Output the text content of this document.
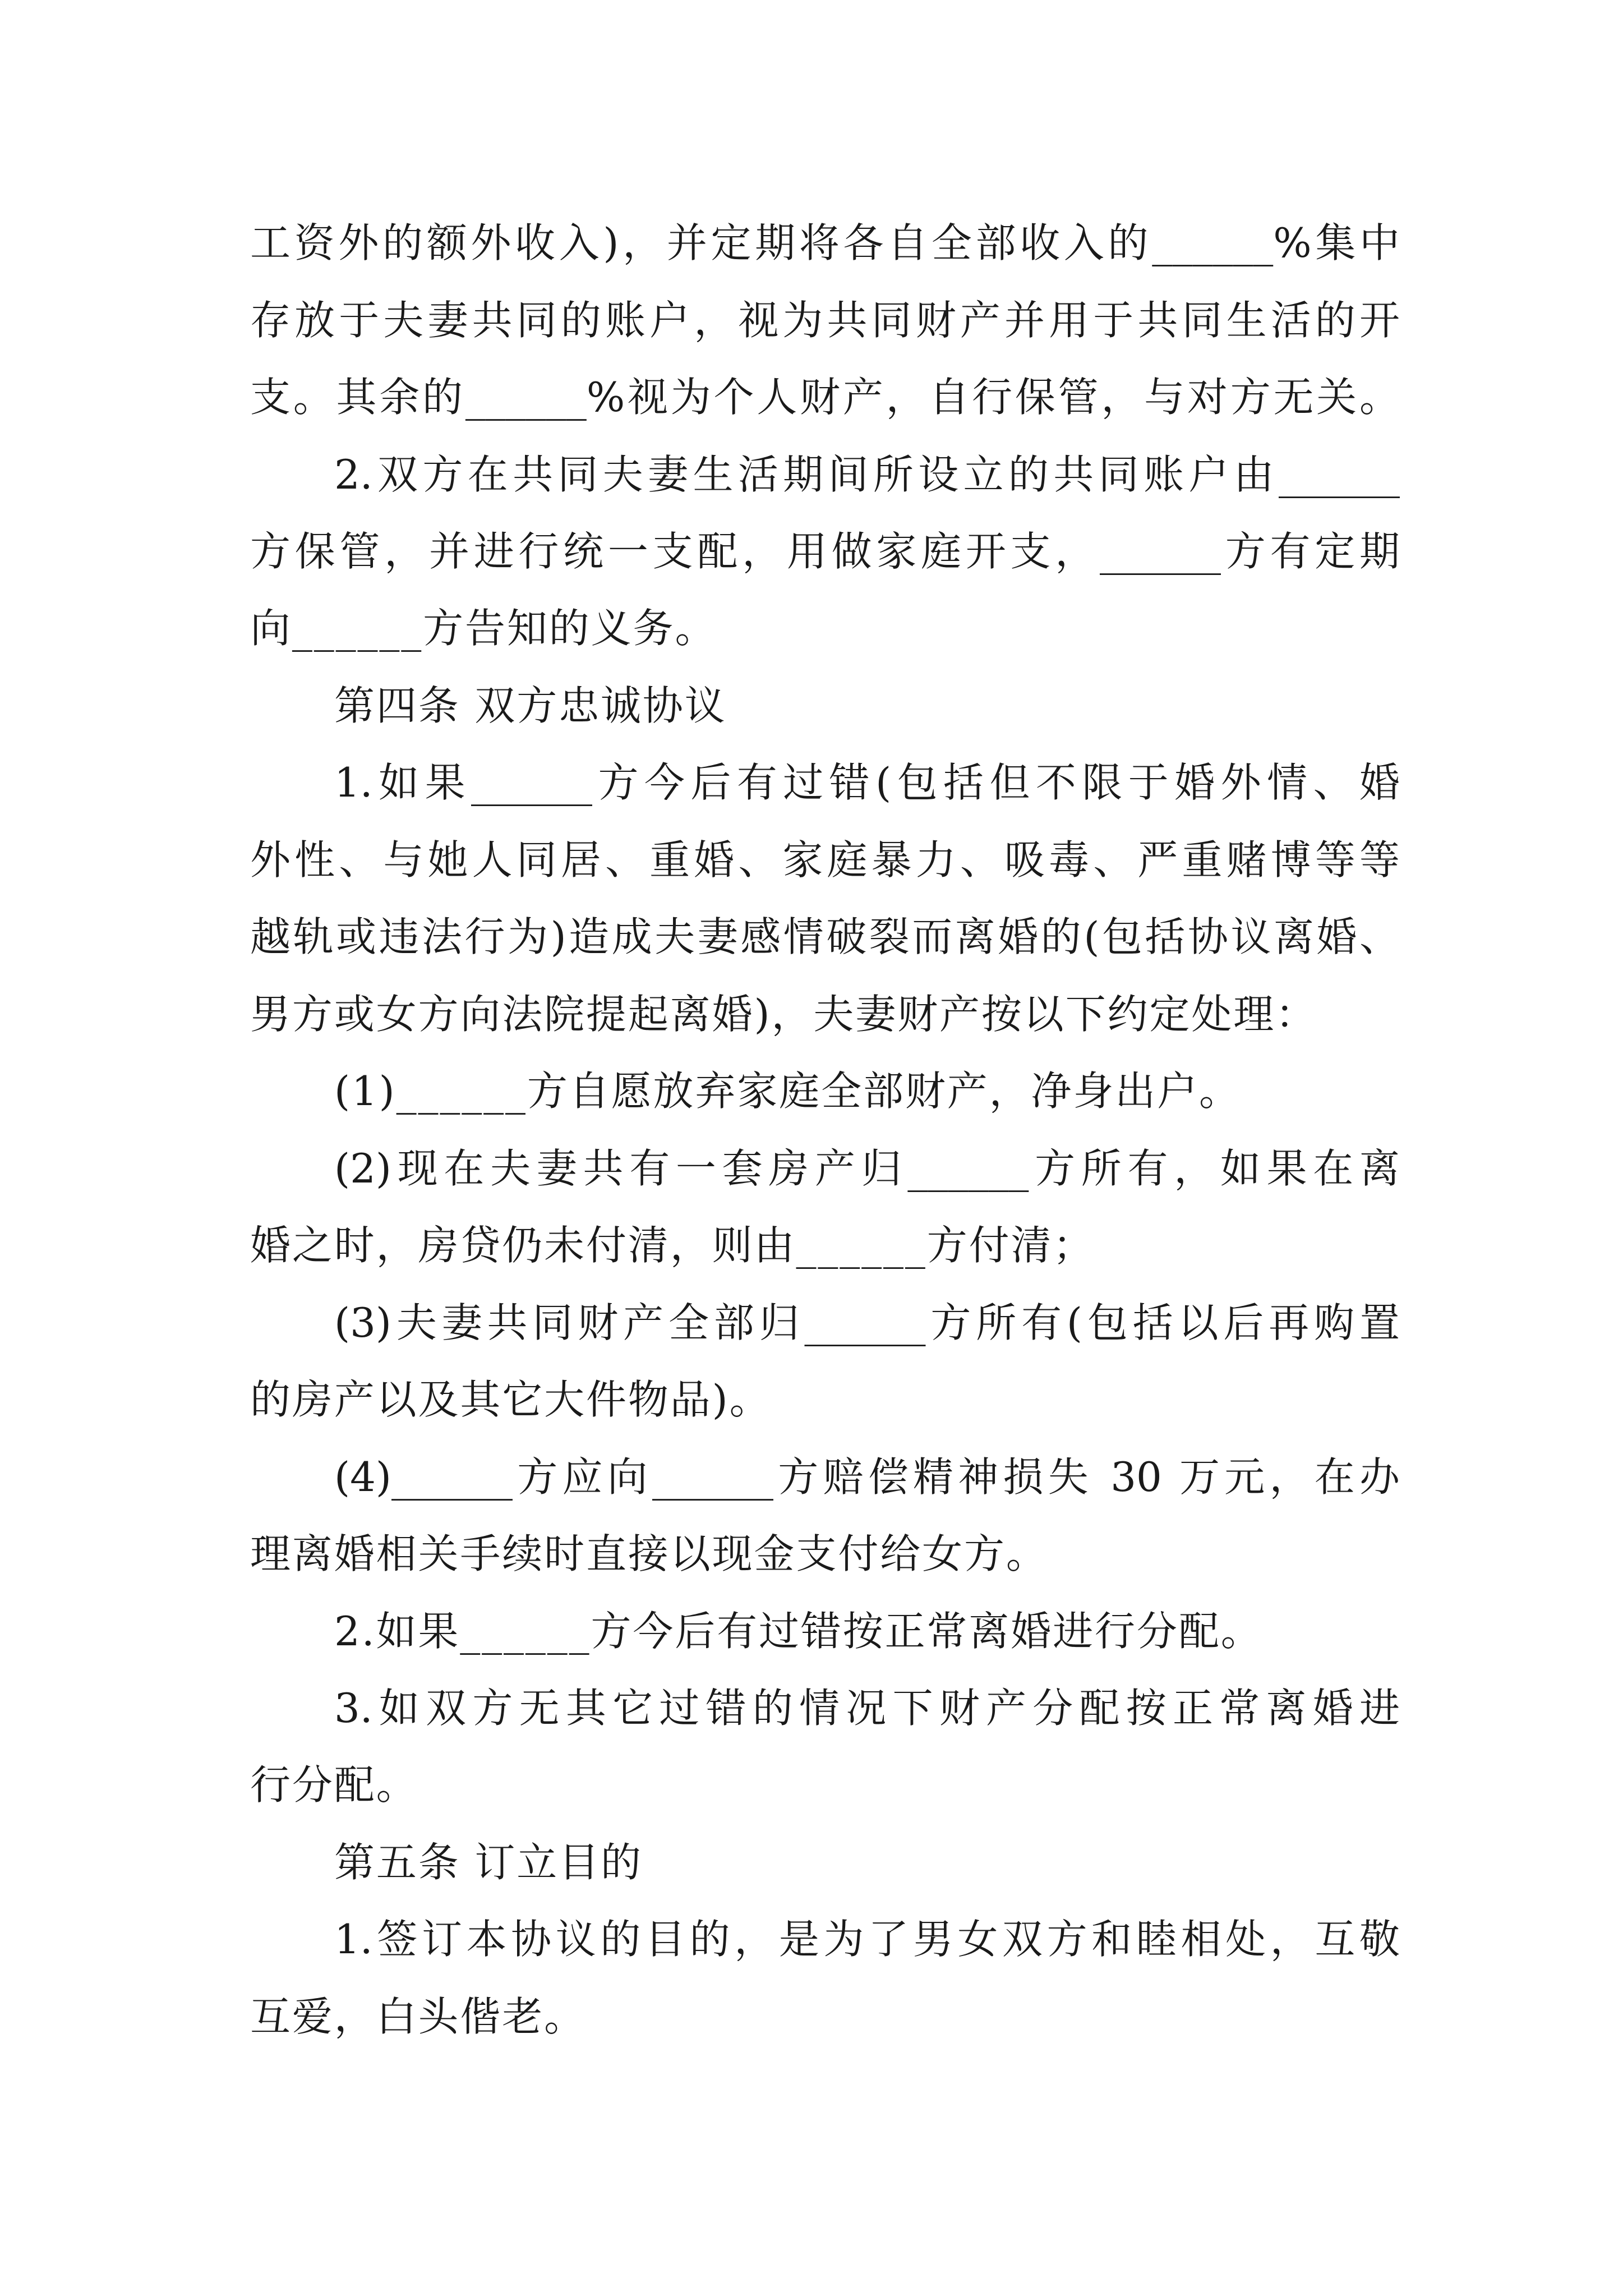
工资外的额外收入)，并定期将各自全部收入的______%集中

存放于夫妻共同的账户，视为共同财产并用于共同生活的开

支。其余的______%视为个人财产，自行保管，与对方无关。

2.双方在共同夫妻生活期间所设立的共同账户由______

方保管，并进行统一支配，用做家庭开支，______方有定期

向______方告知的义务。

第四条 双方忠诚协议

1.如果______方今后有过错(包括但不限于婚外情、婚

外性、与她人同居、重婚、家庭暴力、吸毒、严重赌博等等

越轨或违法行为)造成夫妻感情破裂而离婚的(包括协议离婚、

男方或女方向法院提起离婚)，夫妻财产按以下约定处理：

(1)______方自愿放弃家庭全部财产，净身出户。

(2)现在夫妻共有一套房产归______方所有，如果在离

婚之时，房贷仍未付清，则由______方付清；

(3)夫妻共同财产全部归______方所有(包括以后再购置

的房产以及其它大件物品)。

(4)______方应向______方赔偿精神损失 30 万元，在办

理离婚相关手续时直接以现金支付给女方。

2.如果______方今后有过错按正常离婚进行分配。

3.如双方无其它过错的情况下财产分配按正常离婚进

行分配。

第五条 订立目的

1.签订本协议的目的，是为了男女双方和睦相处，互敬

互爱，白头偕老。
